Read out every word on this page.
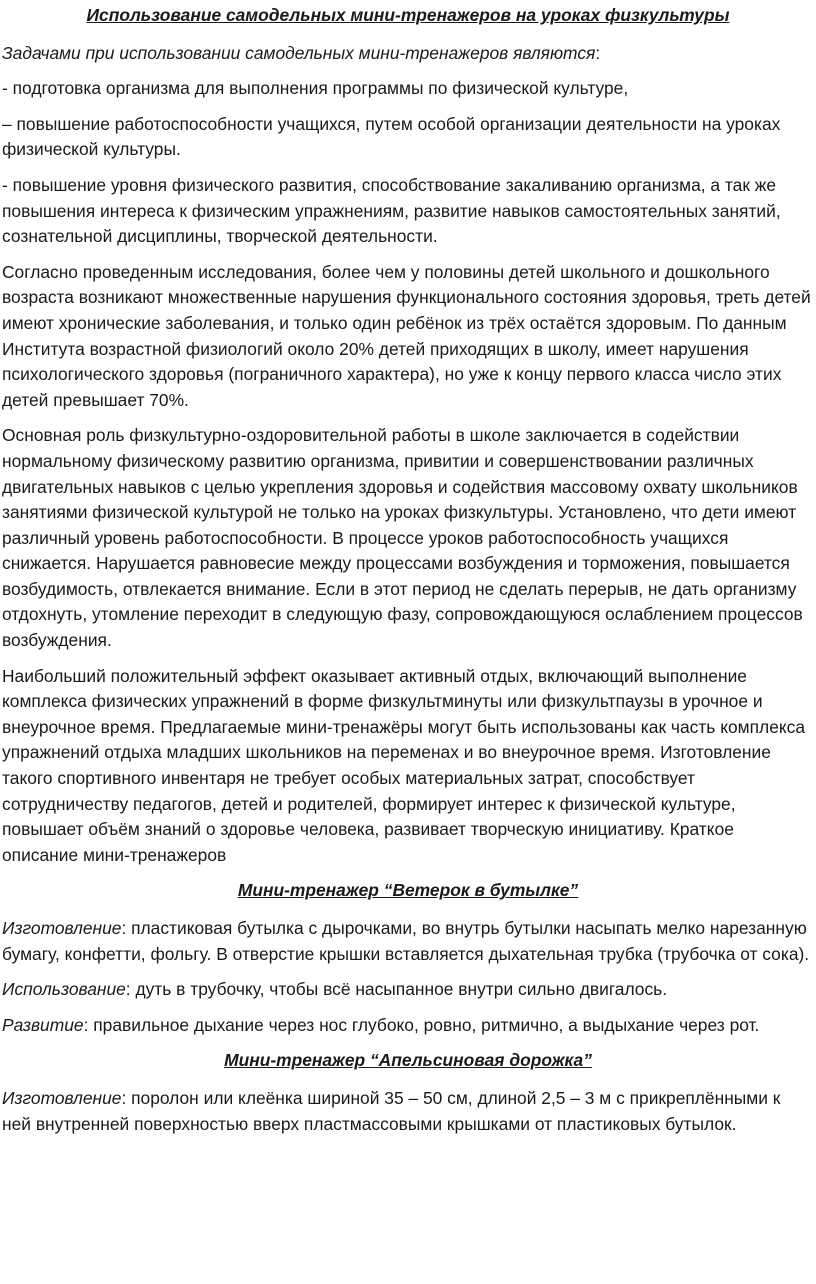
Использование самодельных мини-тренажеров на уроках физкультуры

Задачами при использовании самодельных мини-тренажеров являются:

- подготовка организма для выполнения программы по физической культуре,

– повышение работоспособности учащихся, путем особой организации деятельности на уроках физической культуры.

- повышение уровня физического развития, способствование закаливанию организма, а так же повышения интереса к физическим упражнениям, развитие навыков самостоятельных занятий, сознательной дисциплины, творческой деятельности.

Согласно проведенным исследования, более чем у половины детей школьного и дошкольного возраста возникают множественные нарушения функционального состояния здоровья, треть детей имеют хронические заболевания, и только один ребёнок из трёх остаётся здоровым. По данным Института возрастной физиологий около 20% детей приходящих в школу, имеет нарушения психологического здоровья (пограничного характера), но уже к концу первого класса число этих детей превышает 70%.

Основная роль физкультурно-оздоровительной работы в школе заключается в содействии нормальному физическому развитию организма, привитии и совершенствовании различных двигательных навыков с целью укрепления здоровья и содействия массовому охвату школьников занятиями физической культурой не только на уроках физкультуры. Установлено, что дети имеют различный уровень работоспособности. В процессе уроков работоспособность учащихся снижается. Нарушается равновесие между процессами возбуждения и торможения, повышается возбудимость, отвлекается внимание. Если в этот период не сделать перерыв, не дать организму отдохнуть, утомление переходит в следующую фазу, сопровождающуюся ослаблением процессов возбуждения.

Наибольший положительный эффект оказывает активный отдых, включающий выполнение комплекса физических упражнений в форме физкультминуты или физкультпаузы в урочное и внеурочное время. Предлагаемые мини-тренажёры могут быть использованы как часть комплекса упражнений отдыха младших школьников на переменах и во внеурочное время. Изготовление такого спортивного инвентаря не требует особых материальных затрат, способствует сотрудничеству педагогов, детей и родителей, формирует интерес к физической культуре, повышает объём знаний о здоровье человека, развивает творческую инициативу. Краткое описание мини-тренажеров

Мини-тренажер “Ветерок в бутылке”

Изготовление: пластиковая бутылка с дырочками, во внутрь бутылки насыпать мелко нарезанную бумагу, конфетти, фольгу. В отверстие крышки вставляется дыхательная трубка (трубочка от сока).

Использование: дуть в трубочку, чтобы всё насыпанное внутри сильно двигалось.

Развитие: правильное дыхание через нос глубоко, ровно, ритмично, а выдыхание через рот.

Мини-тренажер “Апельсиновая дорожка”

Изготовление: поролон или клеёнка шириной 35 – 50 см, длиной 2,5 – 3 м с прикреплёнными к ней внутренней поверхностью вверх пластмассовыми крышками от пластиковых бутылок.
